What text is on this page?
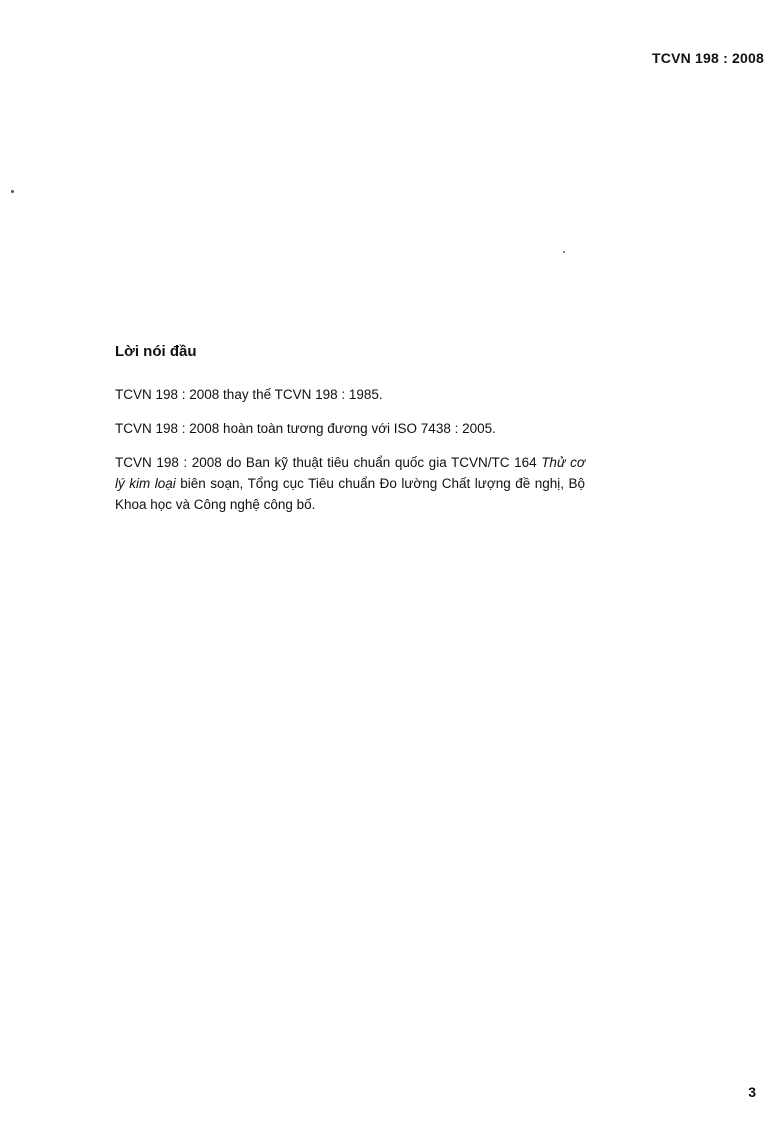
TCVN 198 : 2008
Lời nói đầu

TCVN 198 : 2008 thay thế TCVN 198 : 1985.

TCVN 198 : 2008 hoàn toàn tương đương với ISO 7438 : 2005.

TCVN 198 : 2008 do Ban kỹ thuật tiêu chuẩn quốc gia TCVN/TC 164 Thử cơ lý kim loại biên soạn, Tổng cục Tiêu chuẩn Đo lường Chất lượng đề nghị, Bộ Khoa học và Công nghệ công bố.

3
